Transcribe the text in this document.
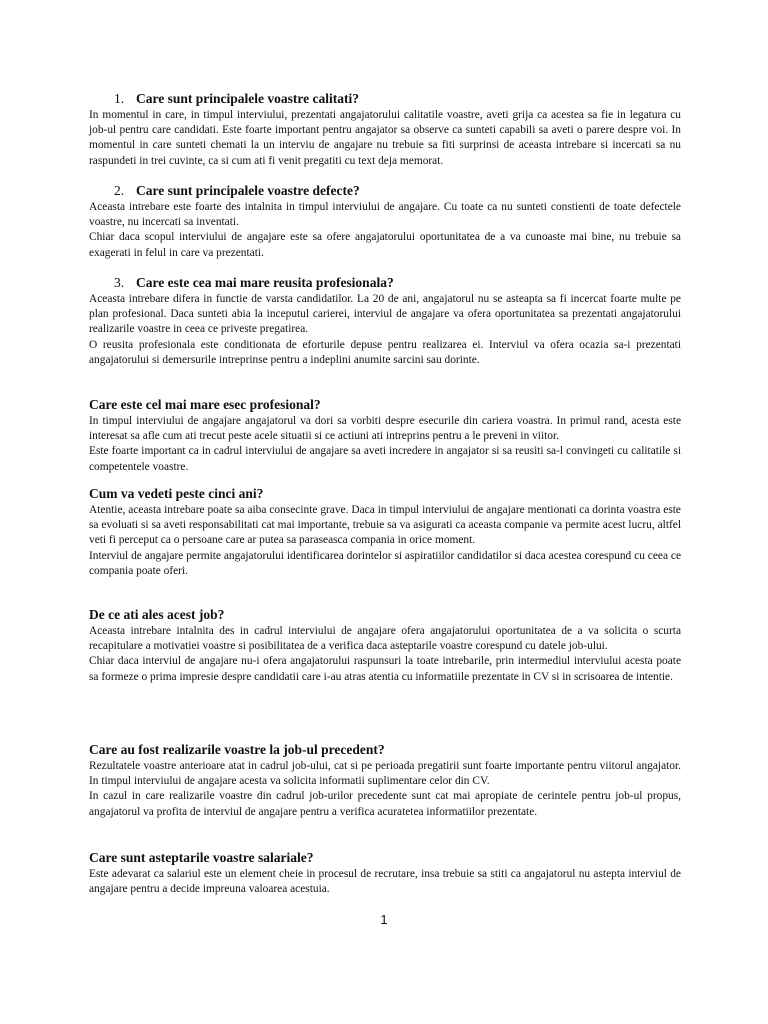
1. Care sunt principalele voastre calitati?

In momentul in care, in timpul interviului, prezentati angajatorului calitatile voastre, aveti grija ca acestea sa fie in legatura cu job-ul pentru care candidati. Este foarte important pentru angajator sa observe ca sunteti capabili sa aveti o parere despre voi. In momentul in care sunteti chemati la un interviu de angajare nu trebuie sa fiti surprinsi de aceasta intrebare si incercati sa nu raspundeti in trei cuvinte, ca si cum ati fi venit pregatiti cu text deja memorat.

2. Care sunt principalele voastre defecte?

Aceasta intrebare este foarte des intalnita in timpul interviului de angajare. Cu toate ca nu sunteti constienti de toate defectele voastre, nu incercati sa inventati.

Chiar daca scopul interviului de angajare este sa ofere angajatorului oportunitatea de a va cunoaste mai bine, nu trebuie sa exagerati in felul in care va prezentati.

3. Care este cea mai mare reusita profesionala?

Aceasta intrebare difera in functie de varsta candidatilor. La 20 de ani, angajatorul nu se asteapta sa fi incercat foarte multe pe plan profesional. Daca sunteti abia la inceputul carierei, interviul de angajare va ofera oportunitatea sa prezentati angajatorului realizarile voastre in ceea ce priveste pregatirea.

O reusita profesionala este conditionata de eforturile depuse pentru realizarea ei. Interviul va ofera ocazia sa-i prezentati angajatorului si demersurile intreprinse pentru a indeplini anumite sarcini sau dorinte.

Care este cel mai mare esec profesional?

In timpul interviului de angajare angajatorul va dori sa vorbiti despre esecurile din cariera voastra. In primul rand, acesta este interesat sa afle cum ati trecut peste acele situatii si ce actiuni ati intreprins pentru a le preveni in viitor.

Este foarte important ca in cadrul interviului de angajare sa aveti incredere in angajator si sa reusiti sa-l convingeti cu calitatile si competentele voastre.

Cum va vedeti peste cinci ani?

Atentie, aceasta intrebare poate sa aiba consecinte grave. Daca in timpul interviului de angajare mentionati ca dorinta voastra este sa evoluati si sa aveti responsabilitati cat mai importante, trebuie sa va asigurati ca aceasta companie va permite acest lucru, altfel veti fi perceput ca o persoane care ar putea sa paraseasca compania in orice moment.

Interviul de angajare permite angajatorului identificarea dorintelor si aspiratiilor candidatilor si daca acestea corespund cu ceea ce compania poate oferi.

De ce ati ales acest job?

Aceasta intrebare intalnita des in cadrul interviului de angajare ofera angajatorului oportunitatea de a va solicita o scurta recapitulare a motivatiei voastre si posibilitatea de a verifica daca asteptarile voastre corespund cu datele job-ului.

Chiar daca interviul de angajare nu-i ofera angajatorului raspunsuri la toate intrebarile, prin intermediul interviului acesta poate sa formeze o prima impresie despre candidatii care i-au atras atentia cu informatiile prezentate in CV si in scrisoarea de intentie.

Care au fost realizarile voastre la job-ul precedent?

Rezultatele voastre anterioare atat in cadrul job-ului, cat si pe perioada pregatirii sunt foarte importante pentru viitorul angajator. In timpul interviului de angajare acesta va solicita informatii suplimentare celor din CV.

In cazul in care realizarile voastre din cadrul job-urilor precedente sunt cat mai apropiate de cerintele pentru job-ul propus, angajatorul va profita de interviul de angajare pentru a verifica acuratetea informatiilor prezentate.

Care sunt asteptarile voastre salariale?

Este adevarat ca salariul este un element cheie in procesul de recrutare, insa trebuie sa stiti ca angajatorul nu astepta interviul de angajare pentru a decide impreuna valoarea acestuia.

1
